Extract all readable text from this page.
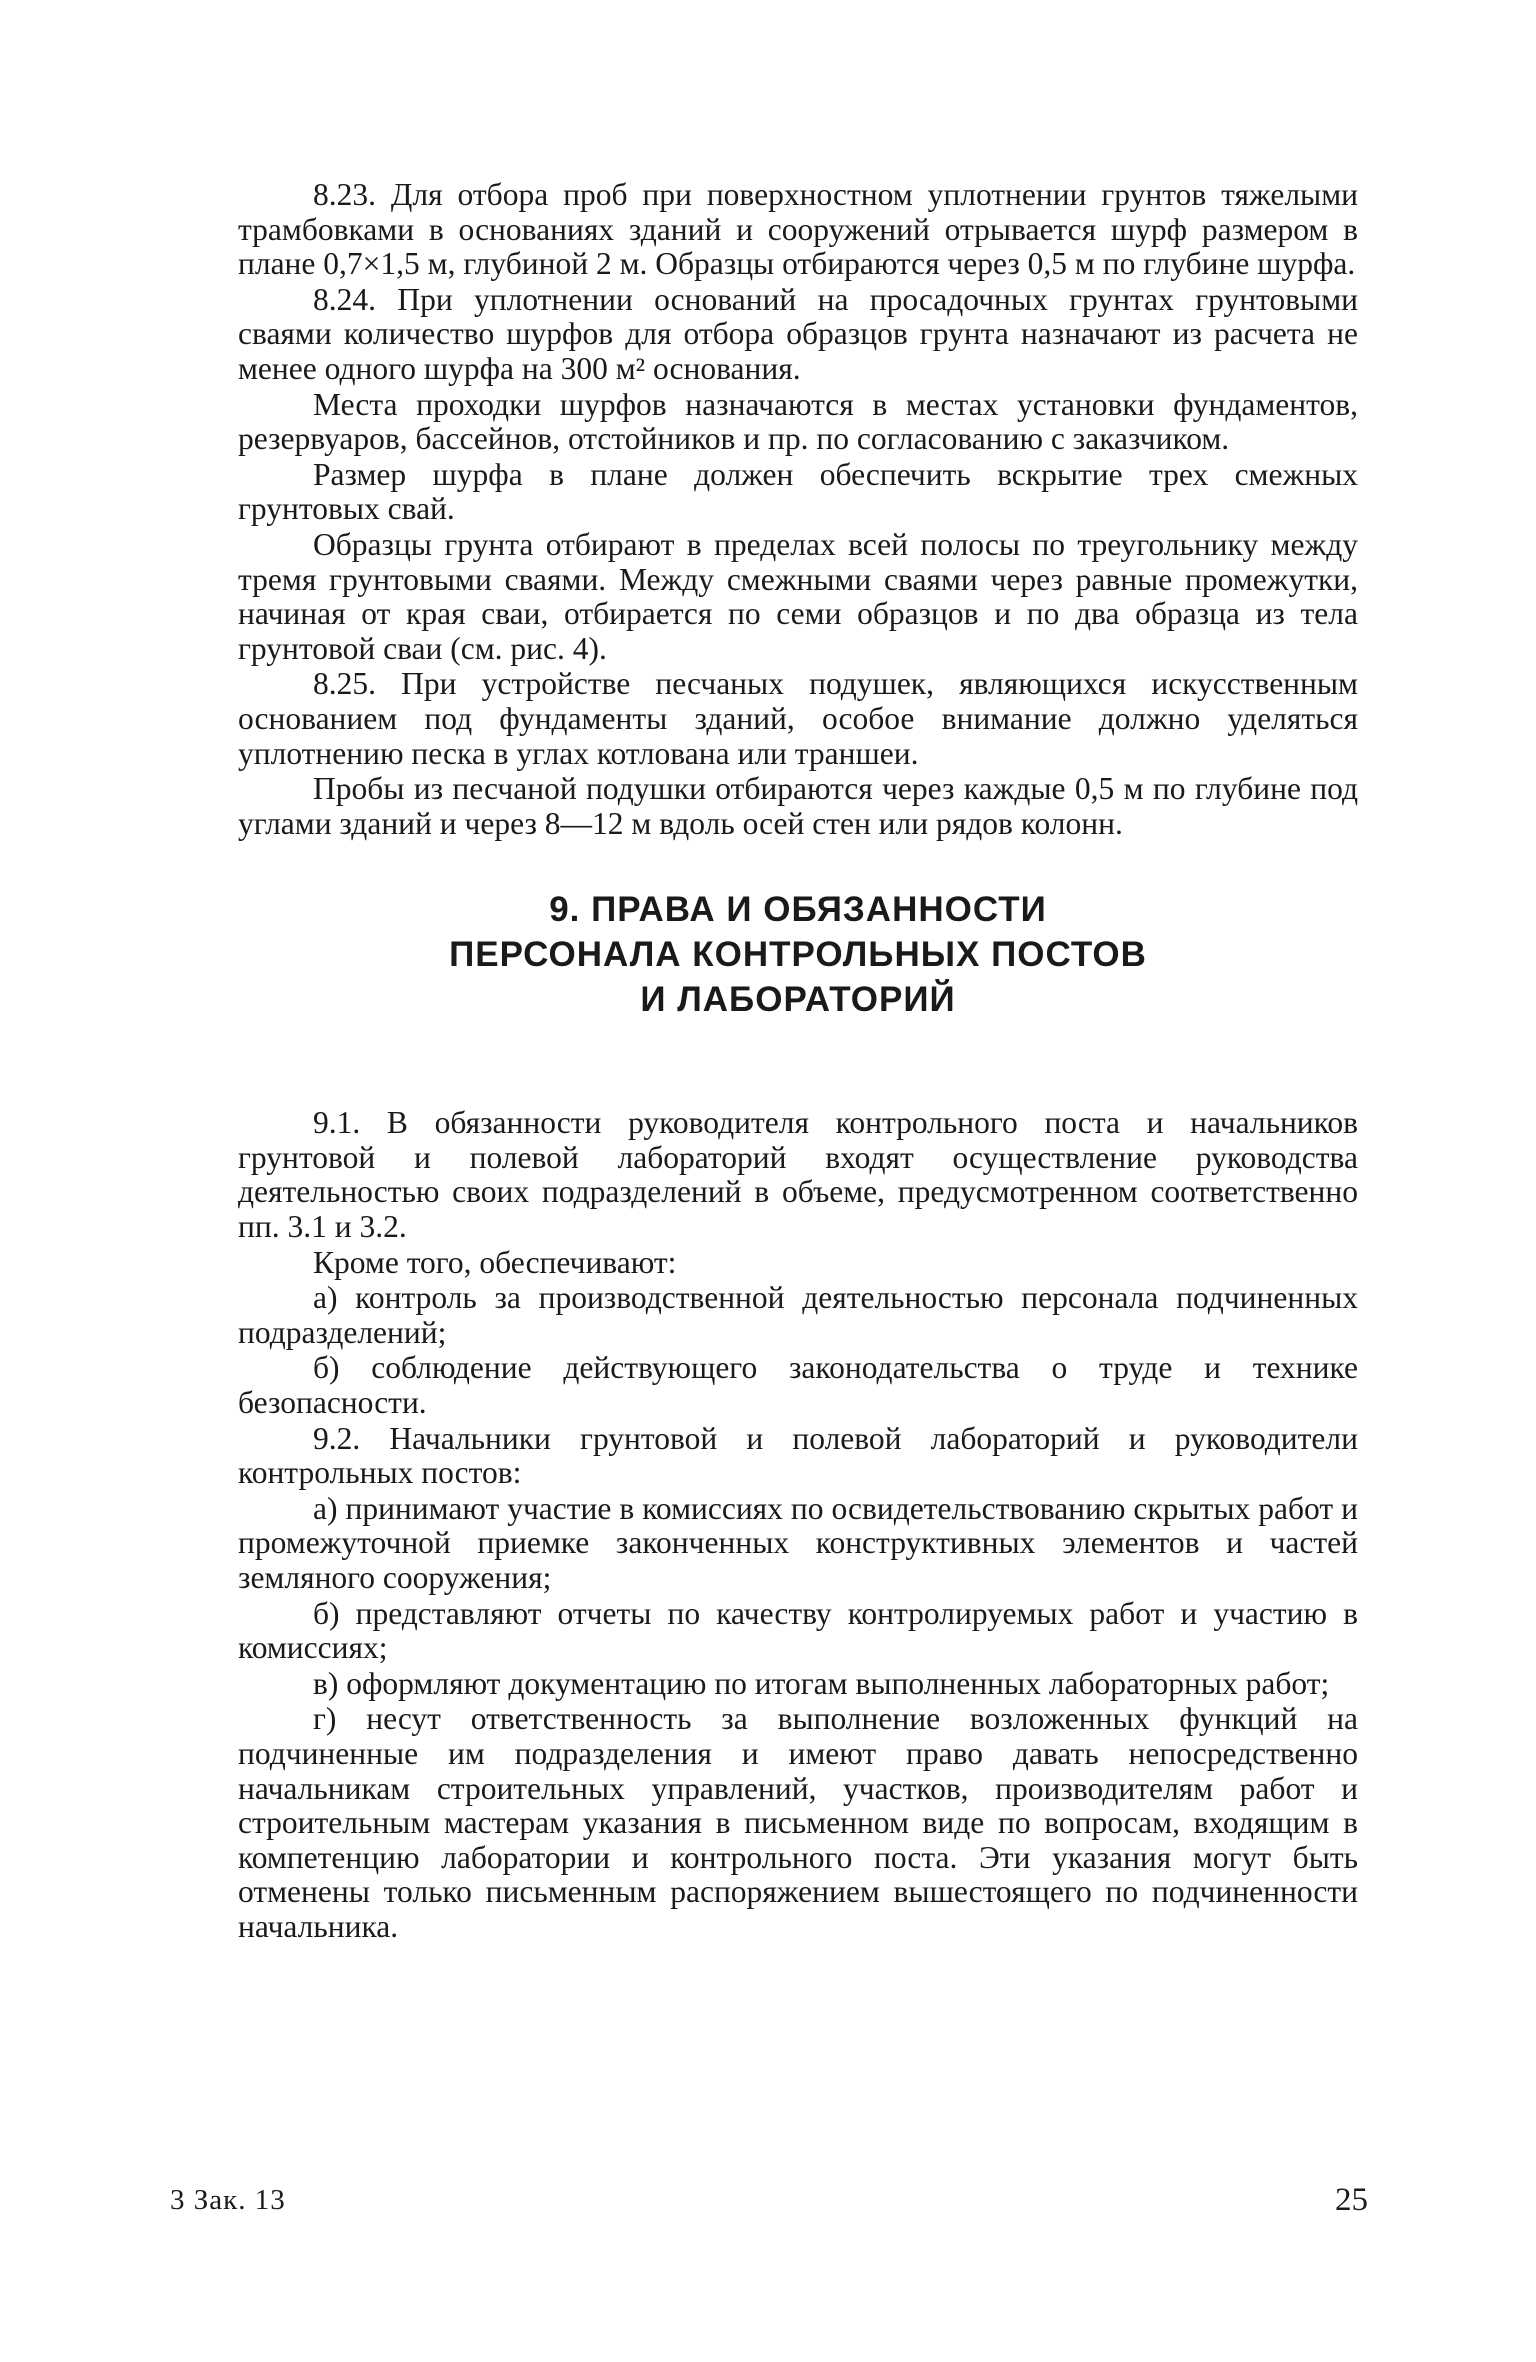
8.23. Для отбора проб при поверхностном уплотнении грунтов тяжелыми трамбовками в основаниях зданий и сооружений отрывается шурф размером в плане 0,7×1,5 м, глубиной 2 м. Образцы отбираются через 0,5 м по глубине шурфа.

8.24. При уплотнении оснований на просадочных грунтах грунтовыми сваями количество шурфов для отбора образцов грунта назначают из расчета не менее одного шурфа на 300 м² основания.

Места проходки шурфов назначаются в местах установки фундаментов, резервуаров, бассейнов, отстойников и пр. по согласованию с заказчиком.

Размер шурфа в плане должен обеспечить вскрытие трех смежных грунтовых свай.

Образцы грунта отбирают в пределах всей полосы по треугольнику между тремя грунтовыми сваями. Между смежными сваями через равные промежутки, начиная от края сваи, отбирается по семи образцов и по два образца из тела грунтовой сваи (см. рис. 4).

8.25. При устройстве песчаных подушек, являющихся искусственным основанием под фундаменты зданий, особое внимание должно уделяться уплотнению песка в углах котлована или траншеи.

Пробы из песчаной подушки отбираются через каждые 0,5 м по глубине под углами зданий и через 8—12 м вдоль осей стен или рядов колонн.

9. ПРАВА И ОБЯЗАННОСТИ
ПЕРСОНАЛА КОНТРОЛЬНЫХ ПОСТОВ
И ЛАБОРАТОРИЙ

9.1. В обязанности руководителя контрольного поста и начальников грунтовой и полевой лабораторий входят осуществление руководства деятельностью своих подразделений в объеме, предусмотренном соответственно пп. 3.1 и 3.2.

Кроме того, обеспечивают:

а) контроль за производственной деятельностью персонала подчиненных подразделений;

б) соблюдение действующего законодательства о труде и технике безопасности.

9.2. Начальники грунтовой и полевой лабораторий и руководители контрольных постов:

а) принимают участие в комиссиях по освидетельствованию скрытых работ и промежуточной приемке законченных конструктивных элементов и частей земляного сооружения;

б) представляют отчеты по качеству контролируемых работ и участию в комиссиях;

в) оформляют документацию по итогам выполненных лабораторных работ;

г) несут ответственность за выполнение возложенных функций на подчиненные им подразделения и имеют право давать непосредственно начальникам строительных управлений, участков, производителям работ и строительным мастерам указания в письменном виде по вопросам, входящим в компетенцию лаборатории и контрольного поста. Эти указания могут быть отменены только письменным распоряжением вышестоящего по подчиненности начальника.

3 Зак. 13	25
